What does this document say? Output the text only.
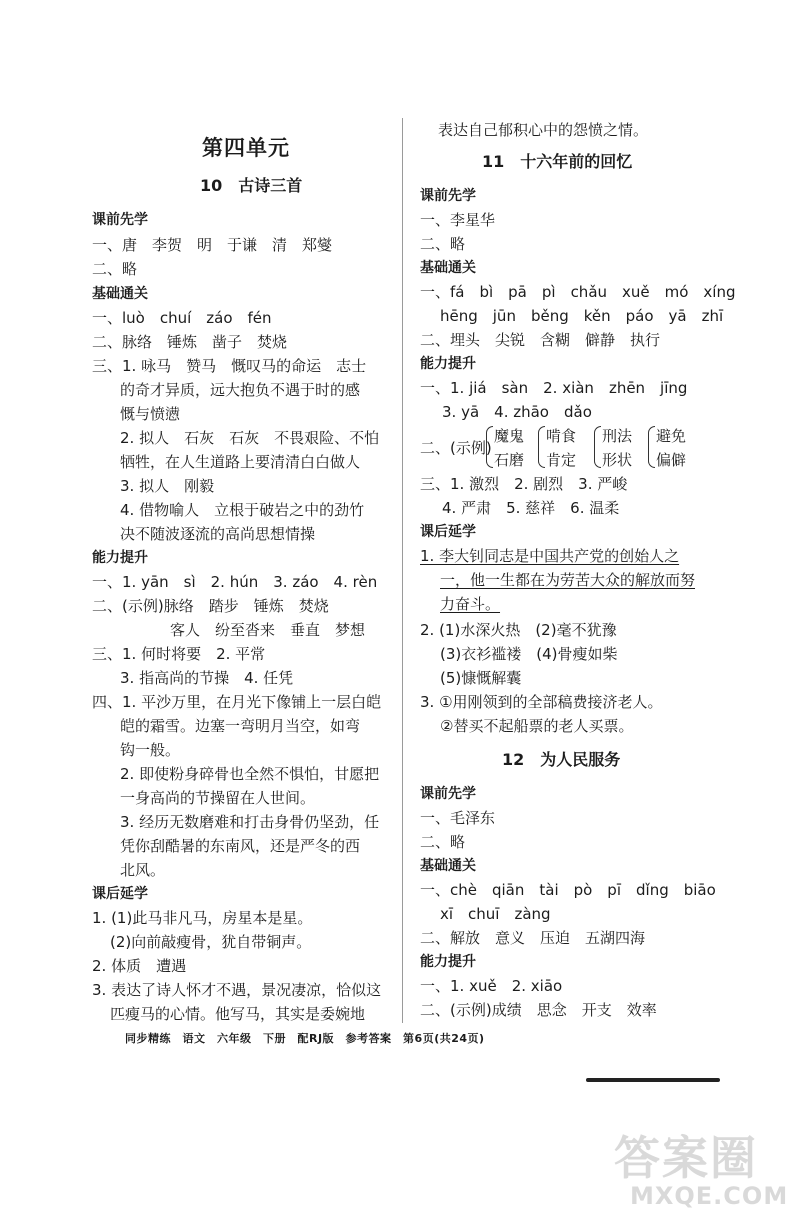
第四单元
10　古诗三首
课前先学
一、唐　李贺　明　于谦　清　郑燮
二、略
基础通关
一、luò　chuí　záo　fén
二、脉络　锤炼　凿子　焚烧
三、1. 咏马　赞马　慨叹马的命运　志士
的奇才异质，远大抱负不遇于时的感
慨与愤懑
2. 拟人　石灰　石灰　不畏艰险、不怕
牺牲，在人生道路上要清清白白做人
3. 拟人　刚毅
4. 借物喻人　立根于破岩之中的劲竹
决不随波逐流的高尚思想情操
能力提升
一、1. yān　sì　2. hún　3. záo　4. rèn
二、(示例)脉络　踏步　锤炼　焚烧
客人　纷至沓来　垂直　梦想
三、1. 何时将要　2. 平常
3. 指高尚的节操　4. 任凭
四、1. 平沙万里，在月光下像铺上一层白皑
皑的霜雪。边塞一弯明月当空，如弯
钩一般。
2. 即使粉身碎骨也全然不惧怕，甘愿把
一身高尚的节操留在人世间。
3. 经历无数磨难和打击身骨仍坚劲，任
凭你刮酷暑的东南风，还是严冬的西
北风。
课后延学
1. (1)此马非凡马，房星本是星。
(2)向前敲瘦骨，犹自带铜声。
2. 体质　遭遇
3. 表达了诗人怀才不遇，景况凄凉，恰似这
匹瘦马的心情。他写马，其实是委婉地
表达自己郁积心中的怨愤之情。
11　十六年前的回忆
课前先学
一、李星华
二、略
基础通关
一、fá　bì　pā　pì　chǎu　xuě　mó　xíng
hēng　jūn　běng　kěn　páo　yā　zhī
二、埋头　尖锐　含糊　僻静　执行
能力提升
一、1. jiá　sàn　2. xiàn　zhēn　jīng
3. yā　4. zhāo　dǎo
二、(示例)
魔鬼
石磨
啃食
肯定
刑法
形状
避免
偏僻
三、1. 激烈　2. 剧烈　3. 严峻
4. 严肃　5. 慈祥　6. 温柔
课后延学
1. 李大钊同志是中国共产党的创始人之
一，他一生都在为劳苦大众的解放而努
力奋斗。
2. (1)水深火热　(2)毫不犹豫
(3)衣衫褴褛　(4)骨瘦如柴
(5)慷慨解囊
3. ①用刚领到的全部稿费接济老人。
②替买不起船票的老人买票。
12　为人民服务
课前先学
一、毛泽东
二、略
基础通关
一、chè　qiān　tài　pò　pī　dǐng　biāo
xī　chuī　zàng
二、解放　意义　压迫　五湖四海
能力提升
一、1. xuě　2. xiāo
二、(示例)成绩　思念　开支　效率
同步精练　语文　六年级　下册　配RJ版　参考答案　第6页(共24页)
答案圈
MXQE.COM
